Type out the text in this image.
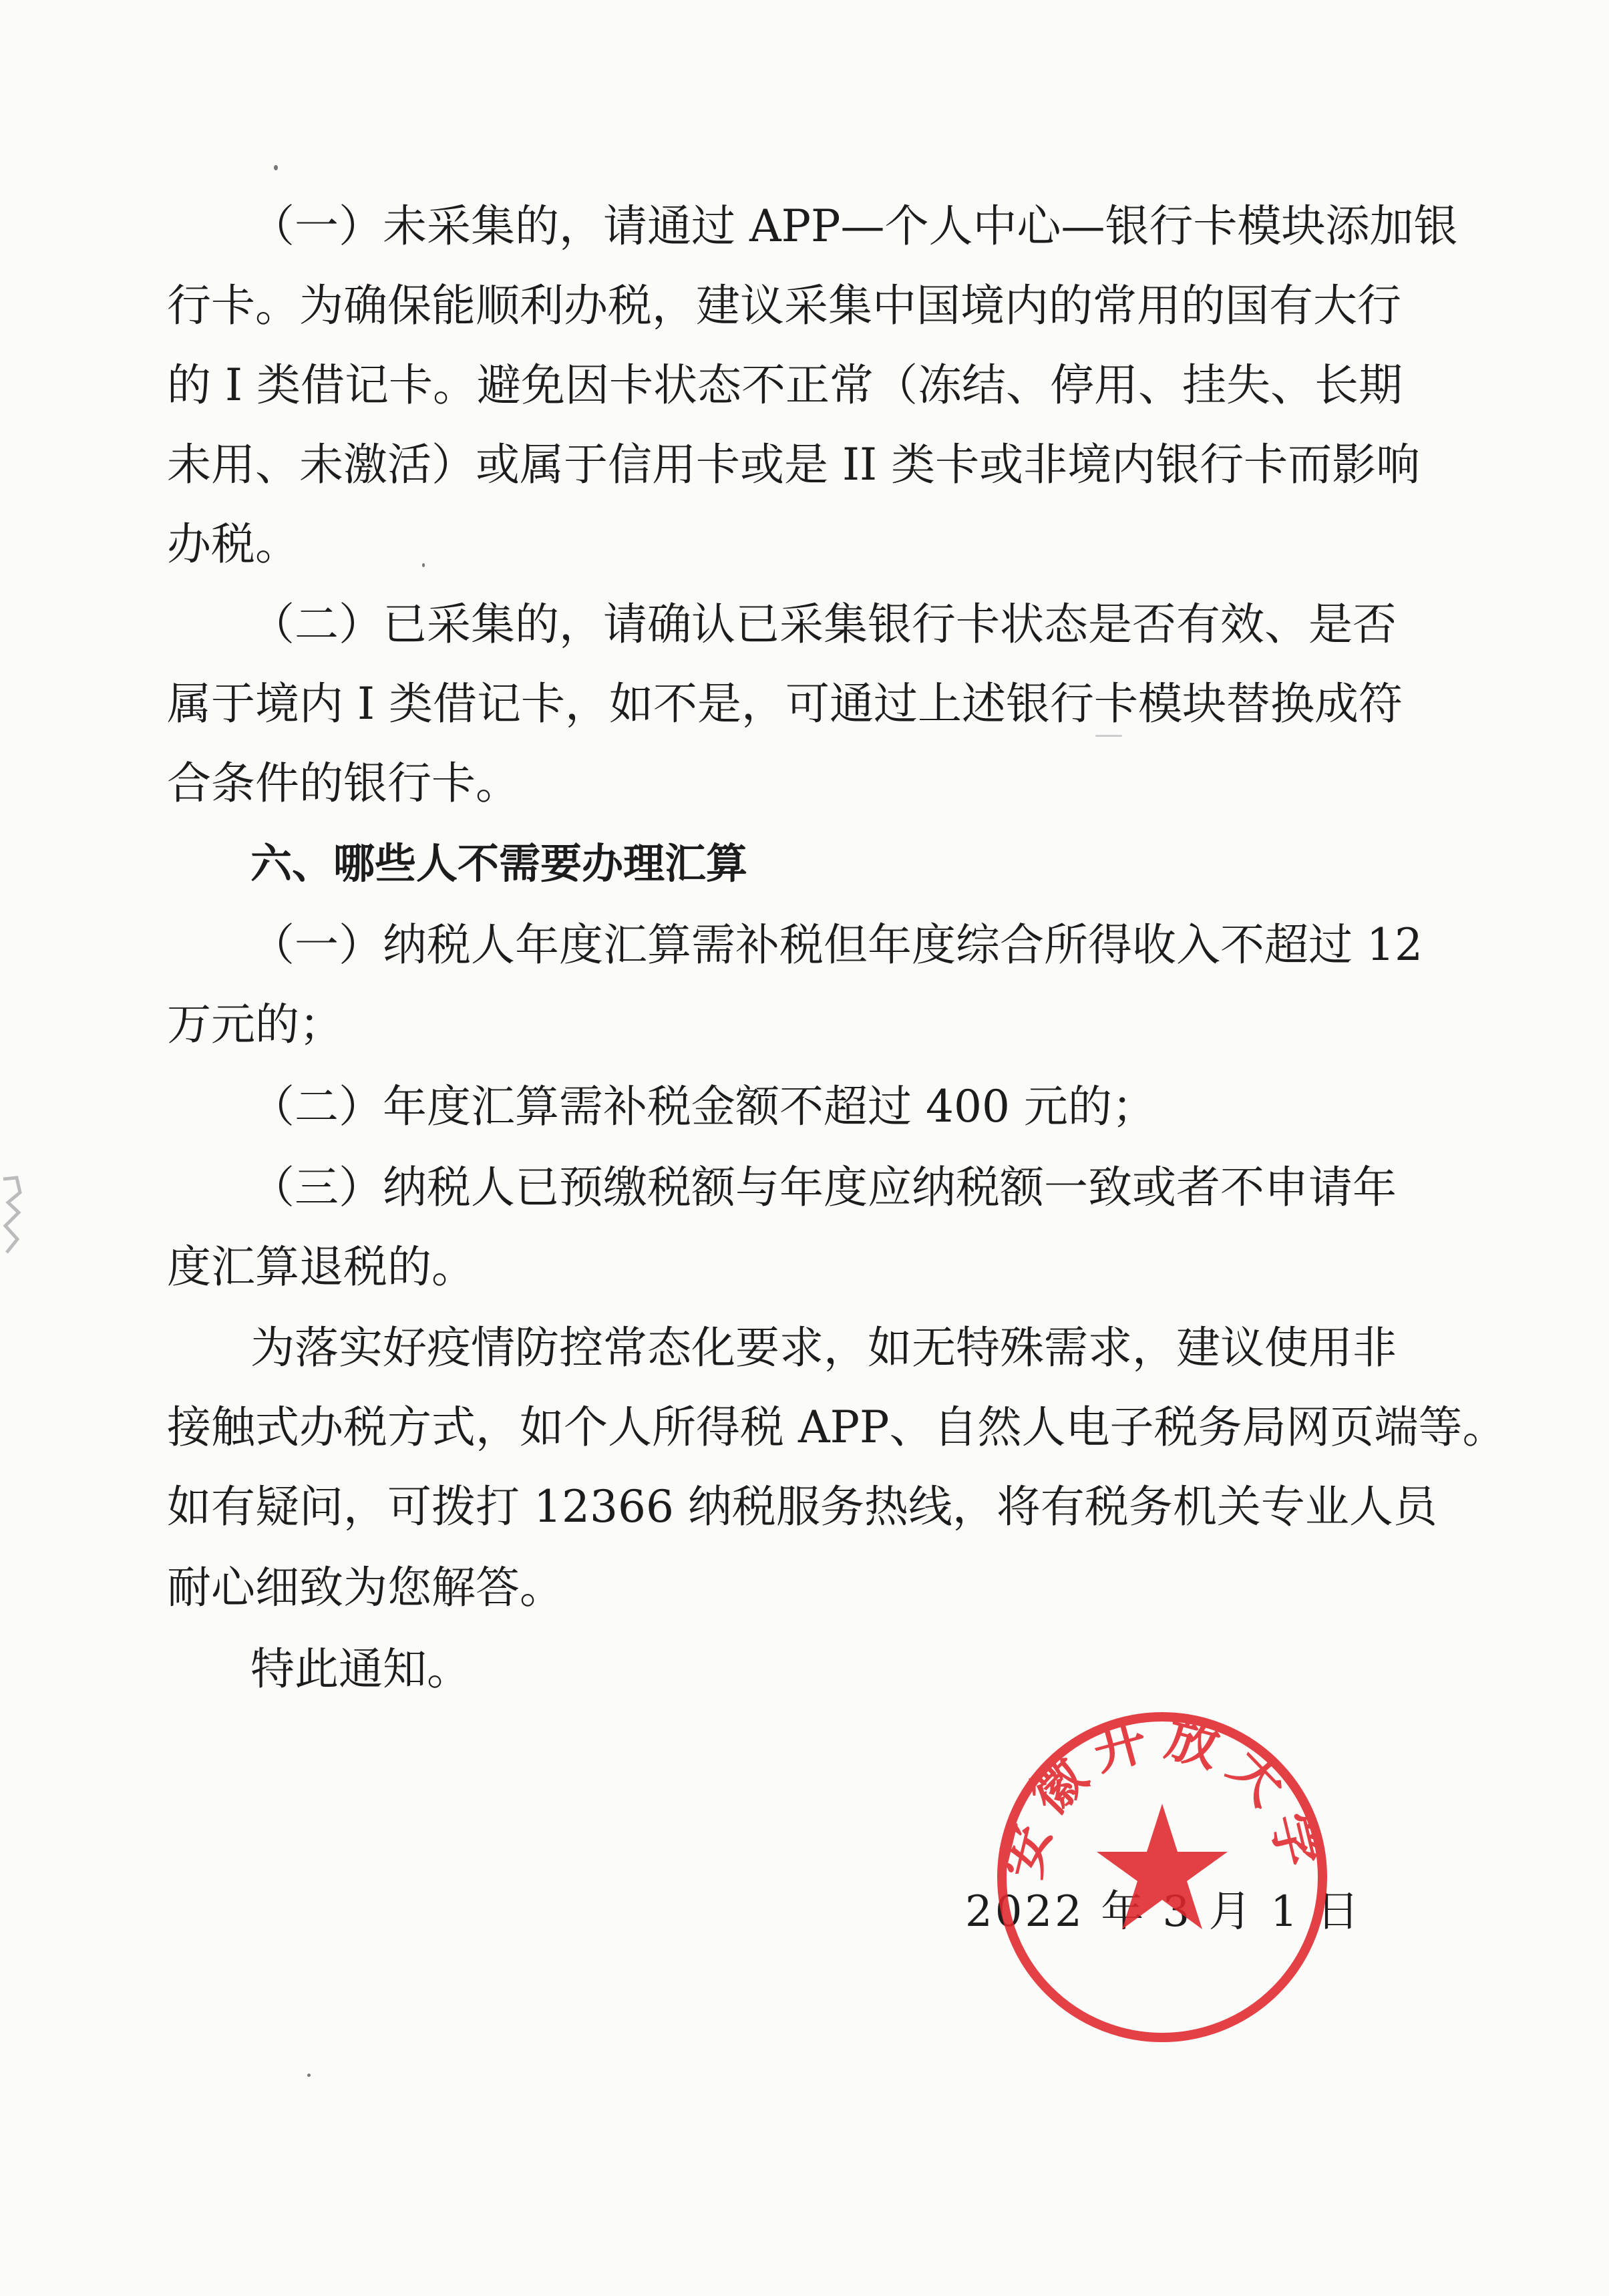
（一）未采集的，请通过 APP—个人中心—银行卡模块添加银
行卡。为确保能顺利办税，建议采集中国境内的常用的国有大行
的 I 类借记卡。避免因卡状态不正常（冻结、停用、挂失、长期
未用、未激活）或属于信用卡或是 II 类卡或非境内银行卡而影响
办税。
（二）已采集的，请确认已采集银行卡状态是否有效、是否
属于境内 I 类借记卡，如不是，可通过上述银行卡模块替换成符
合条件的银行卡。
六、哪些人不需要办理汇算
（一）纳税人年度汇算需补税但年度综合所得收入不超过 12
万元的；
（二）年度汇算需补税金额不超过 400 元的；
（三）纳税人已预缴税额与年度应纳税额一致或者不申请年
度汇算退税的。
为落实好疫情防控常态化要求，如无特殊需求，建议使用非
接触式办税方式，如个人所得税 APP、自然人电子税务局网页端等。
如有疑问，可拨打 12366 纳税服务热线，将有税务机关专业人员
耐心细致为您解答。
特此通知。
2022 年 3 月 1 日
安徽开放大学
